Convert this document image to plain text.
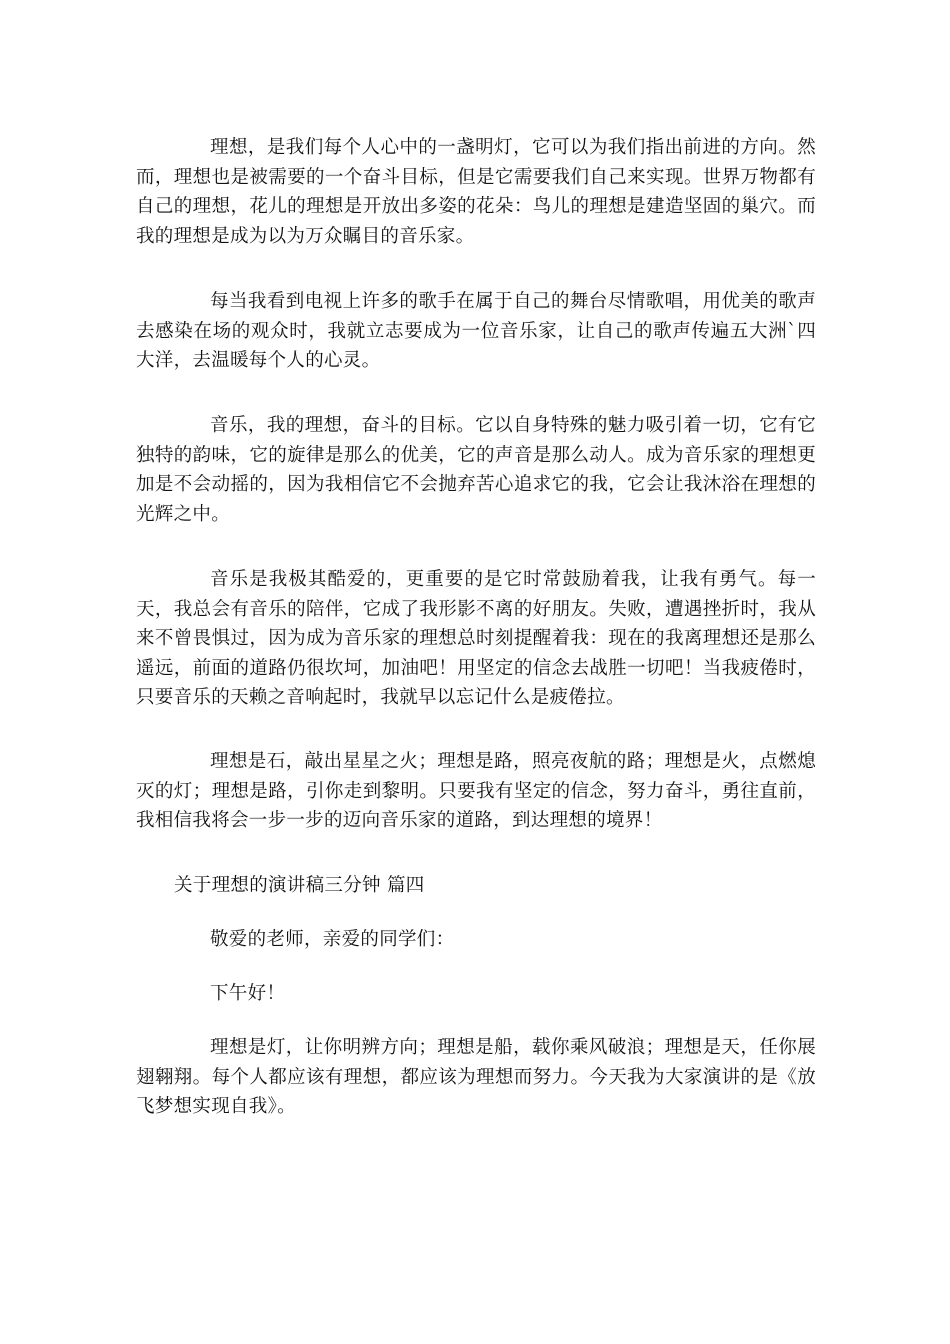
理想，是我们每个人心中的一盏明灯，它可以为我们指出前进的方向。然而，理想也是被需要的一个奋斗目标，但是它需要我们自己来实现。世界万物都有自己的理想，花儿的理想是开放出多姿的花朵：鸟儿的理想是建造坚固的巢穴。而我的理想是成为以为万众瞩目的音乐家。

每当我看到电视上许多的歌手在属于自己的舞台尽情歌唱，用优美的歌声去感染在场的观众时，我就立志要成为一位音乐家，让自己的歌声传遍五大洲`四大洋，去温暖每个人的心灵。

音乐，我的理想，奋斗的目标。它以自身特殊的魅力吸引着一切，它有它独特的韵味，它的旋律是那么的优美，它的声音是那么动人。成为音乐家的理想更加是不会动摇的，因为我相信它不会抛弃苦心追求它的我，它会让我沐浴在理想的光辉之中。

音乐是我极其酷爱的，更重要的是它时常鼓励着我，让我有勇气。每一天，我总会有音乐的陪伴，它成了我形影不离的好朋友。失败，遭遇挫折时，我从来不曾畏惧过，因为成为音乐家的理想总时刻提醒着我：现在的我离理想还是那么遥远，前面的道路仍很坎坷，加油吧！用坚定的信念去战胜一切吧！当我疲倦时，只要音乐的天赖之音响起时，我就早以忘记什么是疲倦拉。

理想是石，敲出星星之火；理想是路，照亮夜航的路；理想是火，点燃熄灭的灯；理想是路，引你走到黎明。只要我有坚定的信念，努力奋斗，勇往直前，我相信我将会一步一步的迈向音乐家的道路，到达理想的境界！

关于理想的演讲稿三分钟 篇四

敬爱的老师，亲爱的同学们：

下午好！

理想是灯，让你明辨方向；理想是船，载你乘风破浪；理想是天，任你展翅翱翔。每个人都应该有理想，都应该为理想而努力。今天我为大家演讲的是《放飞梦想实现自我》。
